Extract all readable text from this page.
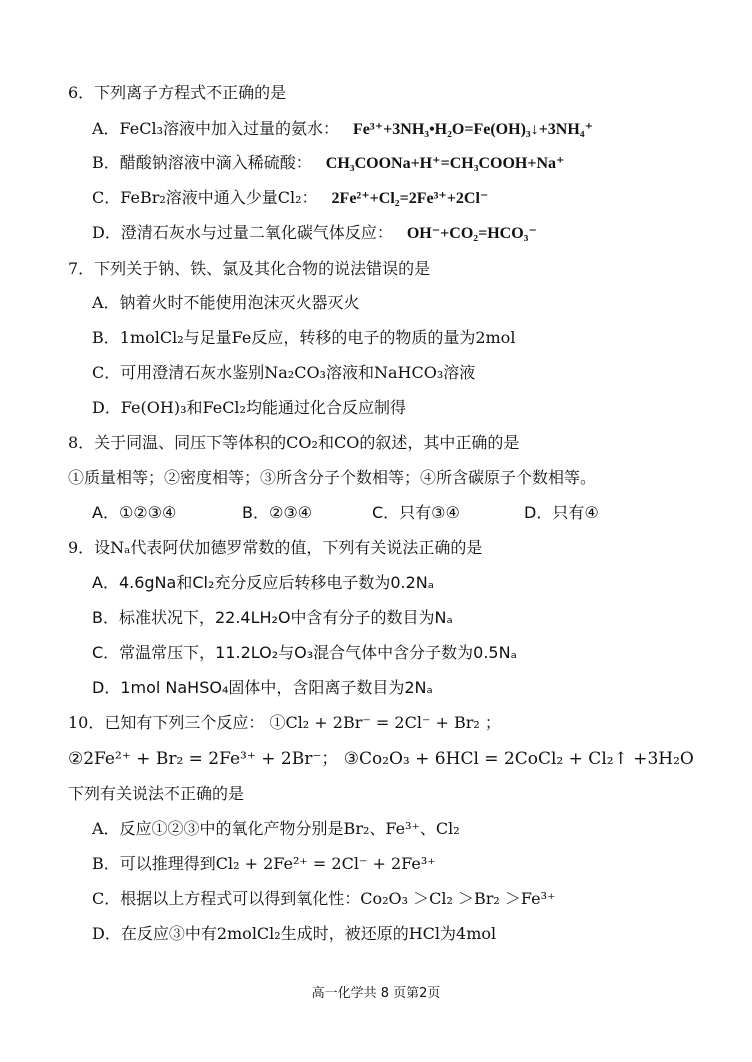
6．下列离子方程式不正确的是
A．FeCl₃溶液中加入过量的氨水： Fe³⁺+3NH₃•H₂O=Fe(OH)₃↓+3NH₄⁺
B．醋酸钠溶液中滴入稀硫酸： CH₃COONa+H⁺=CH₃COOH+Na⁺
C．FeBr₂溶液中通入少量Cl₂： 2Fe²⁺+Cl₂=2Fe³⁺+2Cl⁻
D．澄清石灰水与过量二氧化碳气体反应： OH⁻+CO₂=HCO₃⁻
7．下列关于钠、铁、氯及其化合物的说法错误的是
A．钠着火时不能使用泡沫灭火器灭火
B．1molCl₂与足量Fe反应，转移的电子的物质的量为2mol
C．可用澄清石灰水鉴别Na₂CO₃溶液和NaHCO₃溶液
D．Fe(OH)₃和FeCl₂均能通过化合反应制得
8．关于同温、同压下等体积的CO₂和CO的叙述，其中正确的是
①质量相等；②密度相等；③所含分子个数相等；④所含碳原子个数相等。
A．①②③④	B．②③④	C．只有③④	D．只有④
9．设Nₐ代表阿伏加德罗常数的值，下列有关说法正确的是
A．4.6gNa和Cl₂充分反应后转移电子数为0.2Nₐ
B．标准状况下，22.4LH₂O中含有分子的数目为Nₐ
C．常温常压下，11.2LO₂与O₃混合气体中含分子数为0.5Nₐ
D．1mol NaHSO₄固体中，含阳离子数目为2Nₐ
10．已知有下列三个反应： ①Cl₂ + 2Br⁻ = 2Cl⁻ + Br₂ ；
②2Fe²⁺ + Br₂ = 2Fe³⁺ + 2Br⁻； ③Co₂O₃ + 6HCl = 2CoCl₂ + Cl₂↑ +3H₂O
下列有关说法不正确的是
A．反应①②③中的氧化产物分别是Br₂、Fe³⁺、Cl₂
B．可以推理得到Cl₂ + 2Fe²⁺ = 2Cl⁻ + 2Fe³⁺
C．根据以上方程式可以得到氧化性：Co₂O₃ ＞Cl₂ ＞Br₂ ＞Fe³⁺
D．在反应③中有2molCl₂生成时，被还原的HCl为4mol
高一化学共 8 页第2页
